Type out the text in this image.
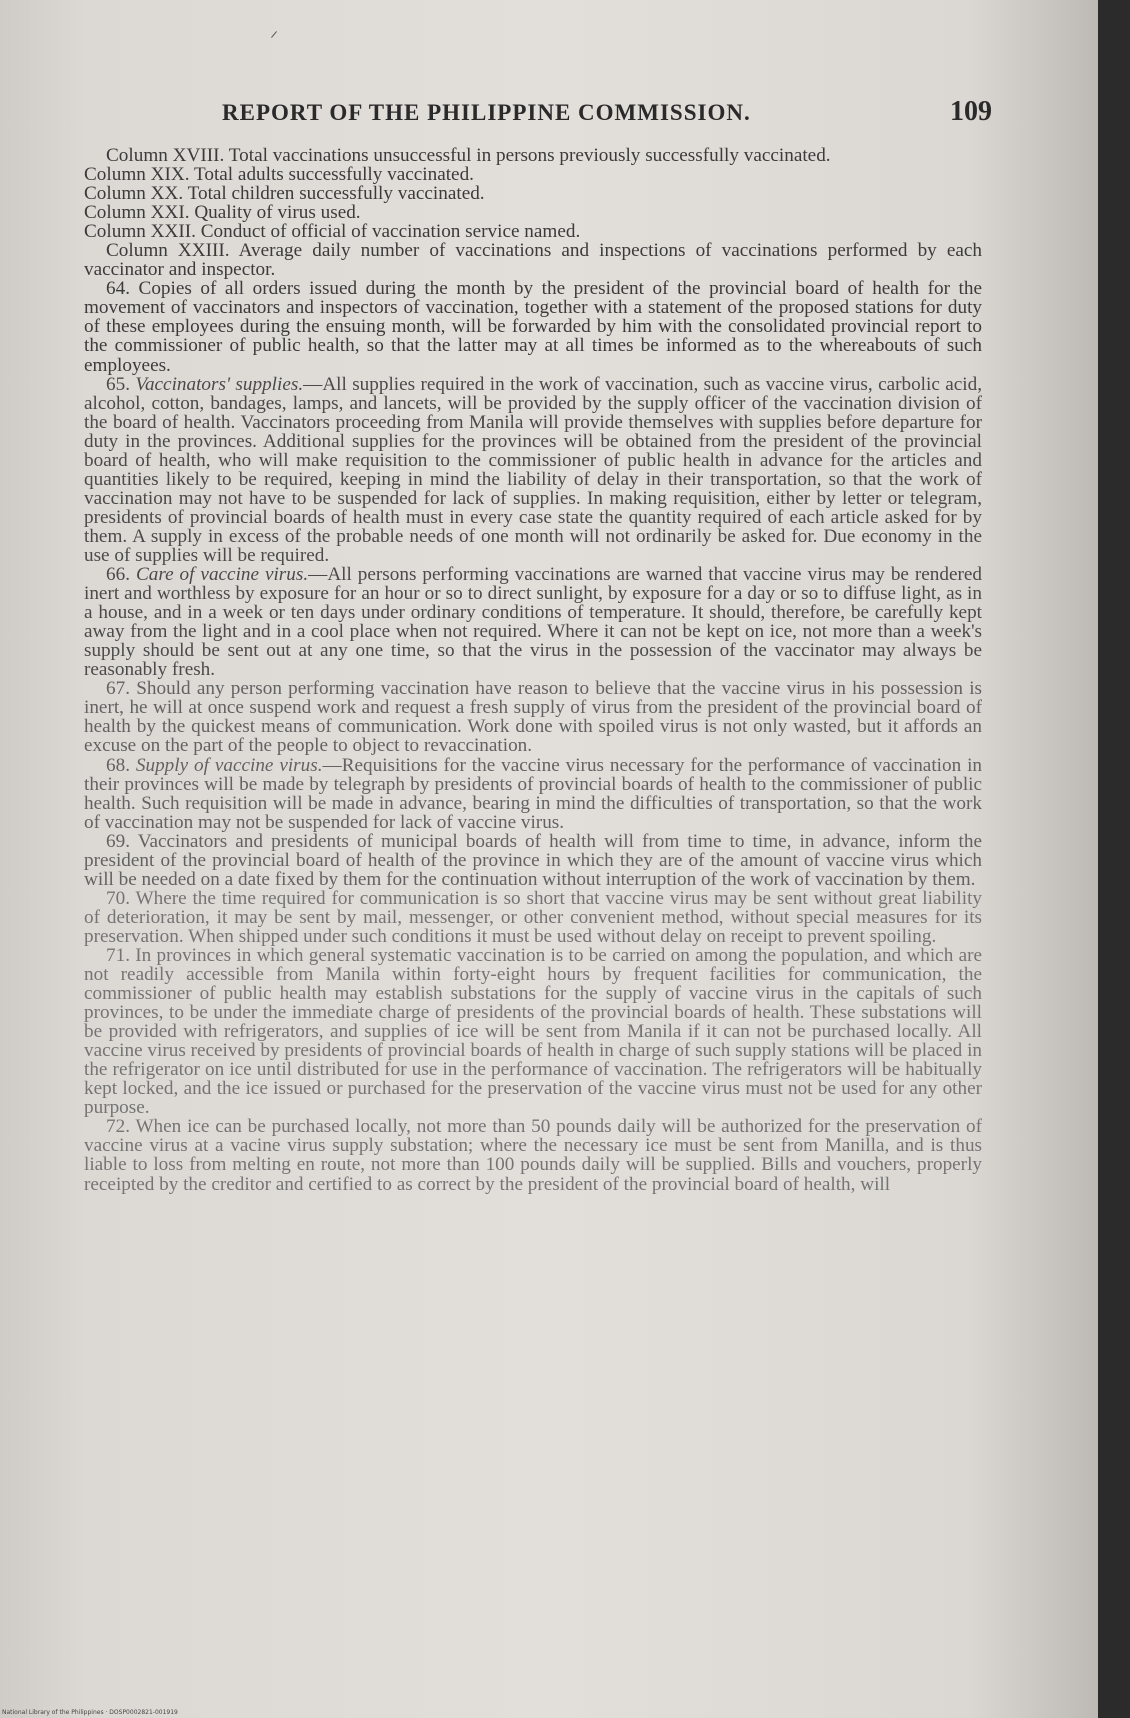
REPORT OF THE PHILIPPINE COMMISSION.	109

Column XVIII. Total vaccinations unsuccessful in persons previously successfully vaccinated.

Column XIX. Total adults successfully vaccinated.

Column XX. Total children successfully vaccinated.

Column XXI. Quality of virus used.

Column XXII. Conduct of official of vaccination service named.

Column XXIII. Average daily number of vaccinations and inspections of vaccinations performed by each vaccinator and inspector.

64. Copies of all orders issued during the month by the president of the provincial board of health for the movement of vaccinators and inspectors of vaccination, together with a statement of the proposed stations for duty of these employees during the ensuing month, will be forwarded by him with the consolidated provincial report to the commissioner of public health, so that the latter may at all times be informed as to the whereabouts of such employees.

65. Vaccinators' supplies.—All supplies required in the work of vaccination, such as vaccine virus, carbolic acid, alcohol, cotton, bandages, lamps, and lancets, will be provided by the supply officer of the vaccination division of the board of health. Vaccinators proceeding from Manila will provide themselves with supplies before departure for duty in the provinces. Additional supplies for the provinces will be obtained from the president of the provincial board of health, who will make requisition to the commissioner of public health in advance for the articles and quantities likely to be required, keeping in mind the liability of delay in their transportation, so that the work of vaccination may not have to be suspended for lack of supplies. In making requisition, either by letter or telegram, presidents of provincial boards of health must in every case state the quantity required of each article asked for by them. A supply in excess of the probable needs of one month will not ordinarily be asked for. Due economy in the use of supplies will be required.

66. Care of vaccine virus.—All persons performing vaccinations are warned that vaccine virus may be rendered inert and worthless by exposure for an hour or so to direct sunlight, by exposure for a day or so to diffuse light, as in a house, and in a week or ten days under ordinary conditions of temperature. It should, therefore, be carefully kept away from the light and in a cool place when not required. Where it can not be kept on ice, not more than a week's supply should be sent out at any one time, so that the virus in the possession of the vaccinator may always be reasonably fresh.

67. Should any person performing vaccination have reason to believe that the vaccine virus in his possession is inert, he will at once suspend work and request a fresh supply of virus from the president of the provincial board of health by the quickest means of communication. Work done with spoiled virus is not only wasted, but it affords an excuse on the part of the people to object to revaccination.

68. Supply of vaccine virus.—Requisitions for the vaccine virus necessary for the performance of vaccination in their provinces will be made by telegraph by presidents of provincial boards of health to the commissioner of public health. Such requisition will be made in advance, bearing in mind the difficulties of transportation, so that the work of vaccination may not be suspended for lack of vaccine virus.

69. Vaccinators and presidents of municipal boards of health will from time to time, in advance, inform the president of the provincial board of health of the province in which they are of the amount of vaccine virus which will be needed on a date fixed by them for the continuation without interruption of the work of vaccination by them.

70. Where the time required for communication is so short that vaccine virus may be sent without great liability of deterioration, it may be sent by mail, messenger, or other convenient method, without special measures for its preservation. When shipped under such conditions it must be used without delay on receipt to prevent spoiling.

71. In provinces in which general systematic vaccination is to be carried on among the population, and which are not readily accessible from Manila within forty-eight hours by frequent facilities for communication, the commissioner of public health may establish substations for the supply of vaccine virus in the capitals of such provinces, to be under the immediate charge of presidents of the provincial boards of health. These substations will be provided with refrigerators, and supplies of ice will be sent from Manila if it can not be purchased locally. All vaccine virus received by presidents of provincial boards of health in charge of such supply stations will be placed in the refrigerator on ice until distributed for use in the performance of vaccination. The refrigerators will be habitually kept locked, and the ice issued or purchased for the preservation of the vaccine virus must not be used for any other purpose.

72. When ice can be purchased locally, not more than 50 pounds daily will be authorized for the preservation of vaccine virus at a vacine virus supply substation; where the necessary ice must be sent from Manilla, and is thus liable to loss from melting en route, not more than 100 pounds daily will be supplied. Bills and vouchers, properly receipted by the creditor and certified to as correct by the president of the provincial board of health, will

National Library of the Philippines · DOSP0002821-001919
